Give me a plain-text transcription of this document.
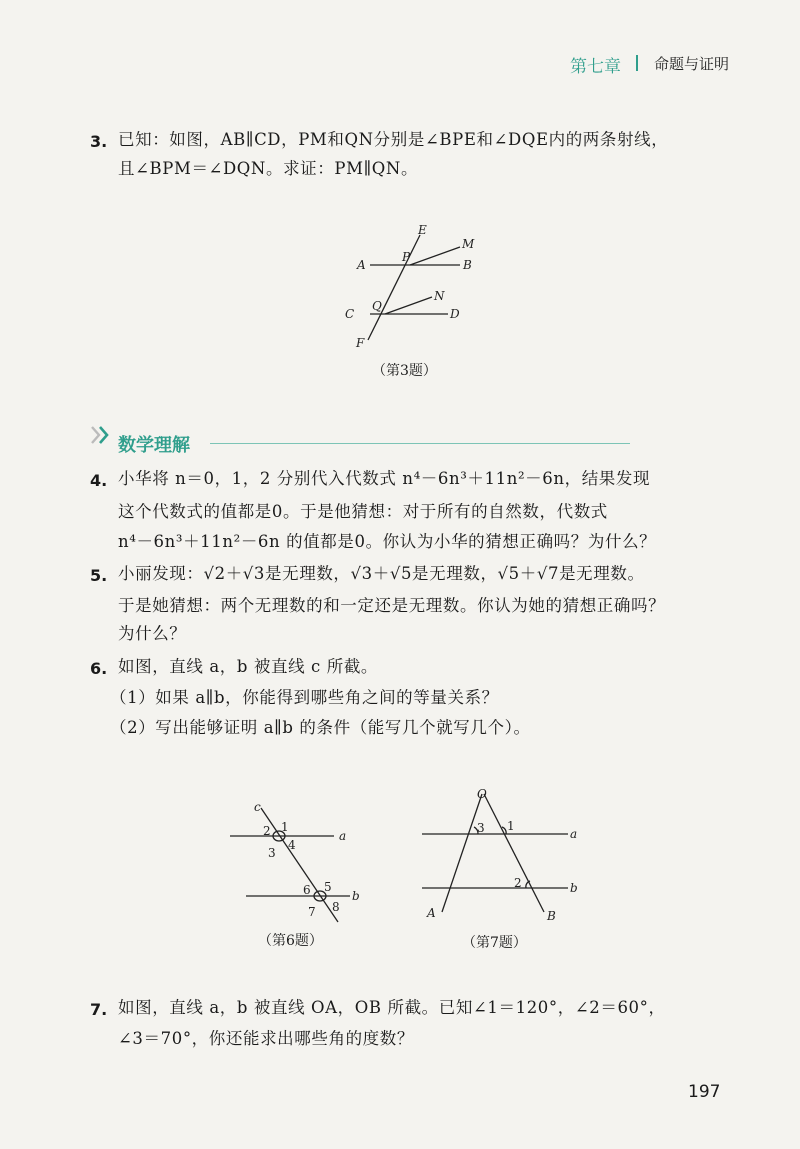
第七章 命题与证明
3. 已知：如图，AB∥CD，PM和QN分别是∠BPE和∠DQE内的两条射线，
且∠BPM＝∠DQN。求证：PM∥QN。
E
M
A
P
B
Q
N
C	D
F
（第3题）
数学理解
4. 小华将 n＝0，1，2 分别代入代数式 n⁴－6n³＋11n²－6n，结果发现
这个代数式的值都是0。于是他猜想：对于所有的自然数，代数式
n⁴－6n³＋11n²－6n 的值都是0。你认为小华的猜想正确吗？为什么？
5. 小丽发现：√2＋√3是无理数，√3＋√5是无理数，√5＋√7是无理数。
于是她猜想：两个无理数的和一定还是无理数。你认为她的猜想正确吗？
为什么？
6. 如图，直线 a，b 被直线 c 所截。
（1）如果 a∥b，你能得到哪些角之间的等量关系？
（2）写出能够证明 a∥b 的条件（能写几个就写几个）。
c
a
b
1
2
3
4
5
6
7 8
（第6题）
O
a
b
A	B
1
2
3
（第7题）
7. 如图，直线 a，b 被直线 OA，OB 所截。已知∠1＝120°，∠2＝60°，
∠3＝70°，你还能求出哪些角的度数？
197
